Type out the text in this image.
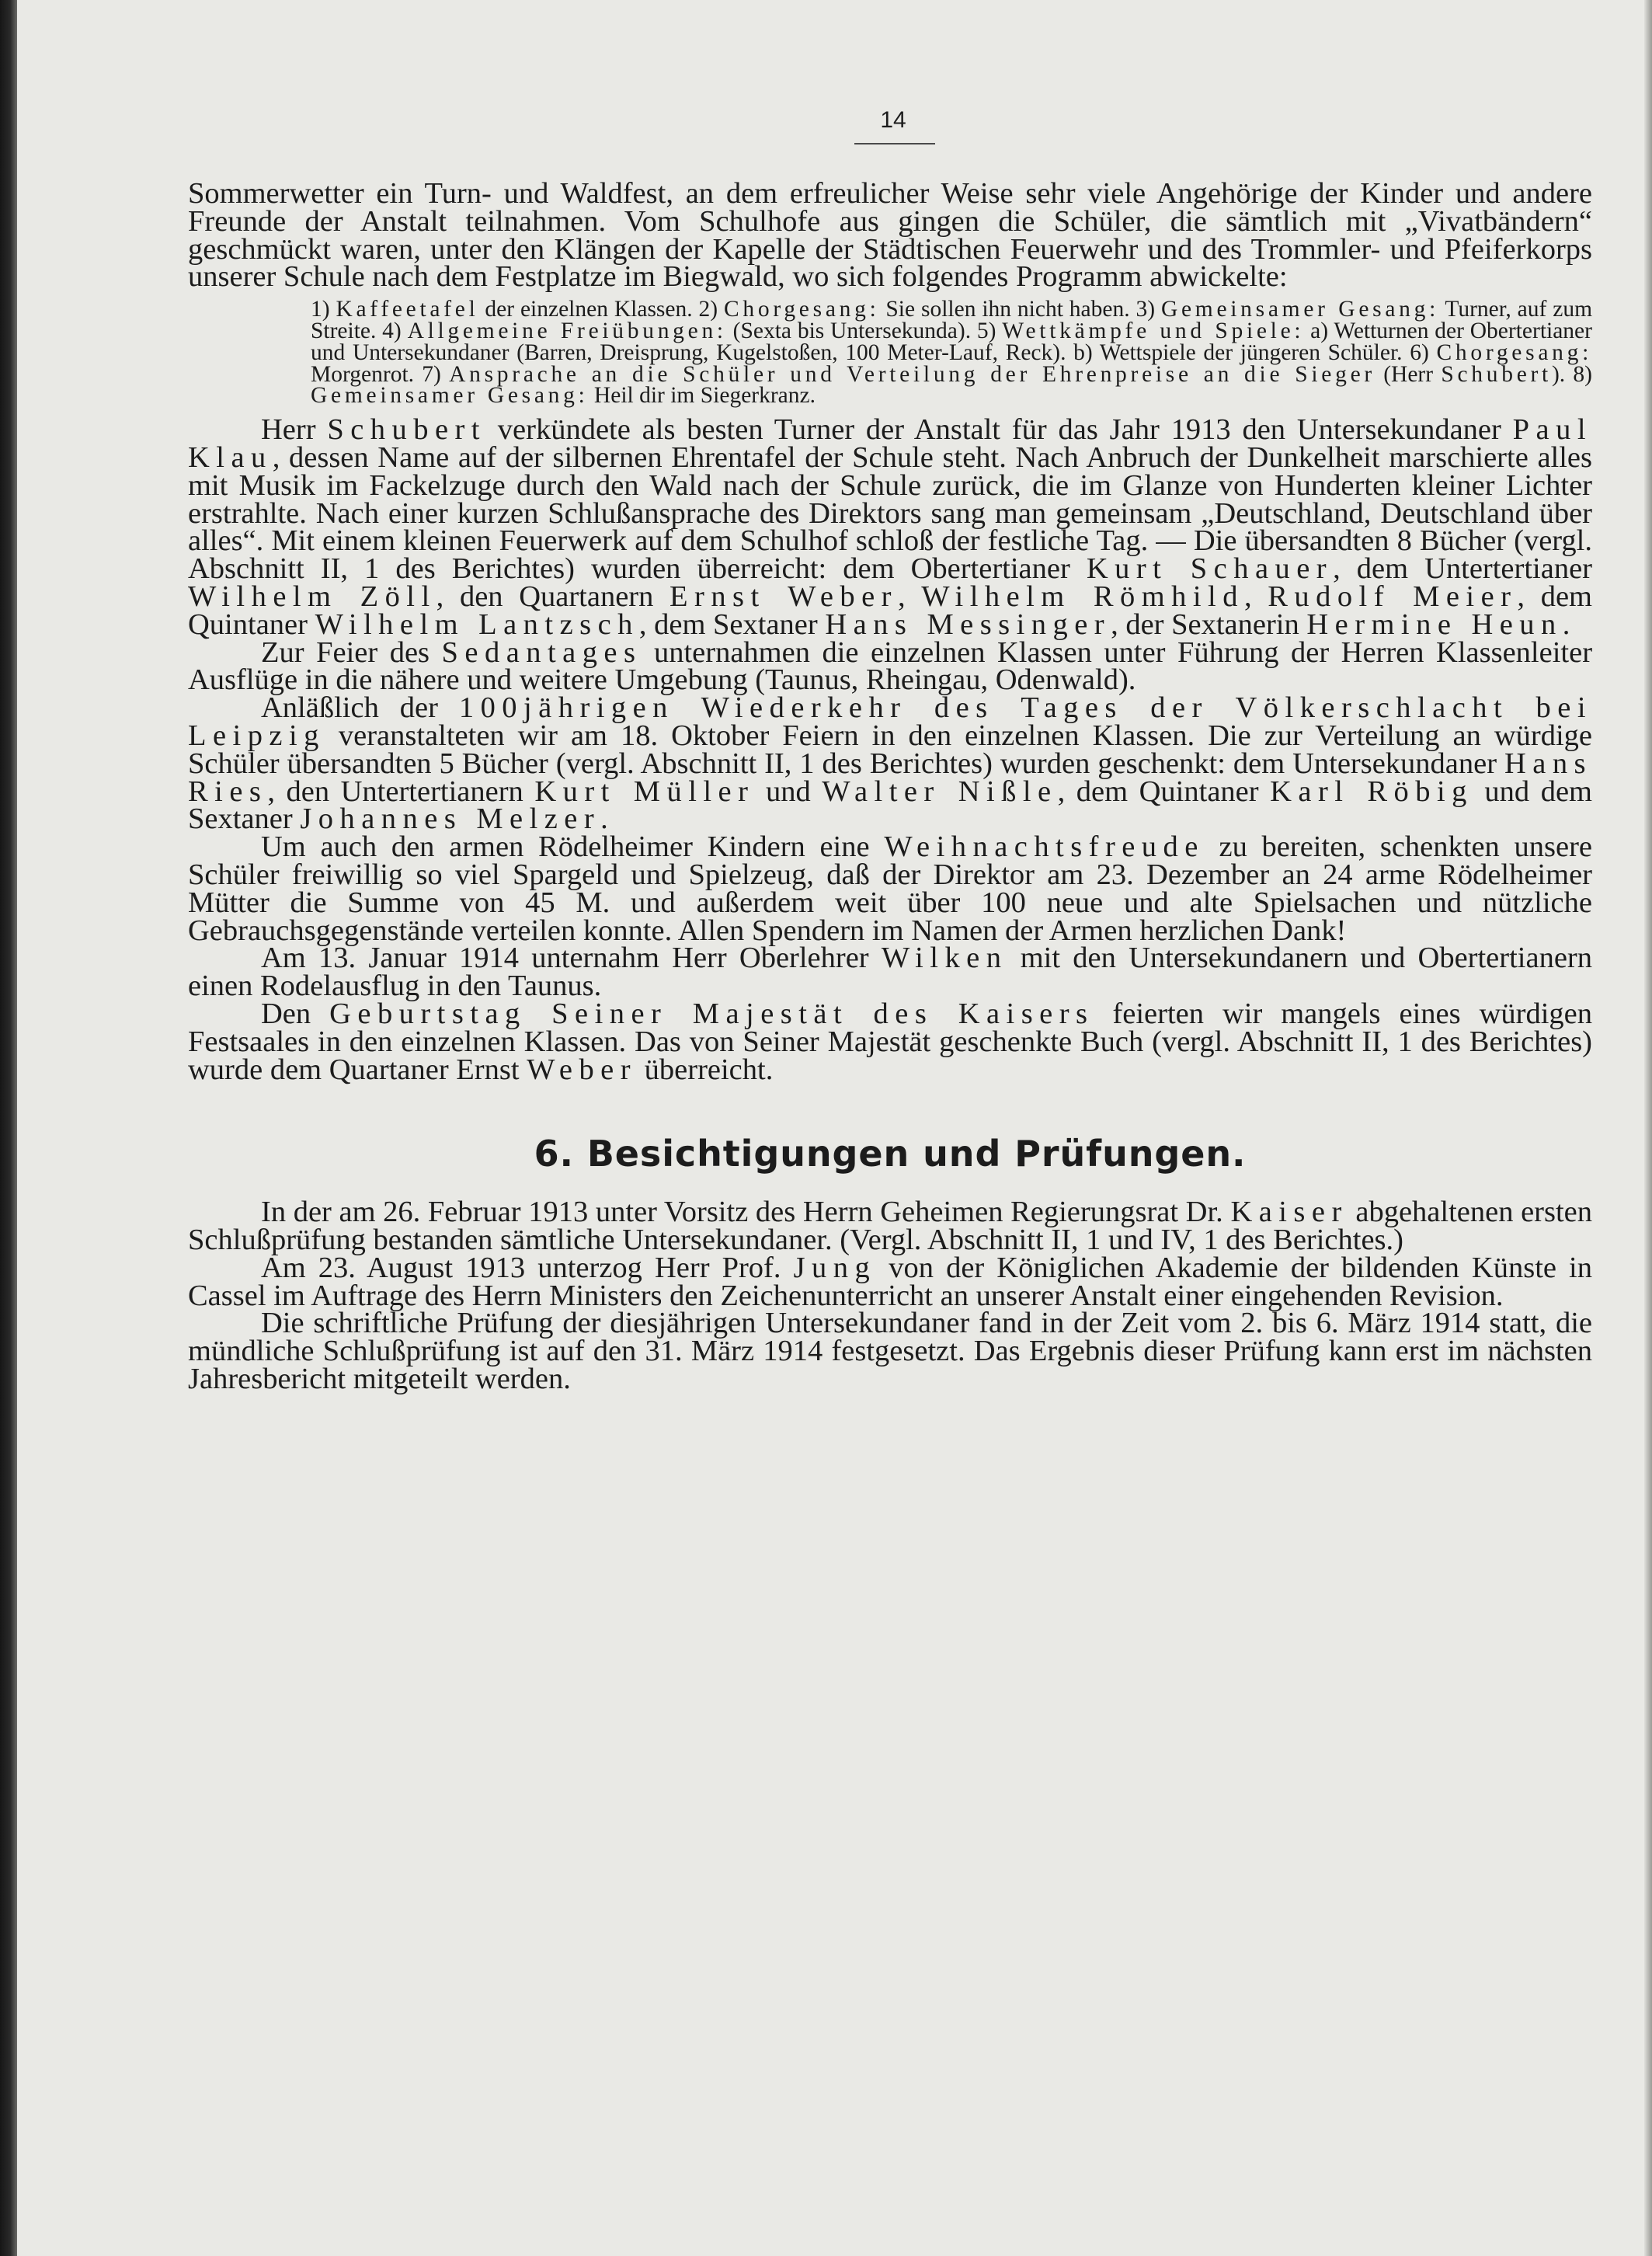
14

Sommerwetter ein Turn- und Waldfest, an dem erfreulicher Weise sehr viele Angehörige der Kinder und andere Freunde der Anstalt teilnahmen. Vom Schulhofe aus gingen die Schüler, die sämtlich mit „Vivatbändern“ geschmückt waren, unter den Klängen der Kapelle der Städtischen Feuerwehr und des Trommler- und Pfeiferkorps unserer Schule nach dem Festplatze im Biegwald, wo sich folgendes Programm abwickelte:

1) Kaffeetafel der einzelnen Klassen. 2) Chorgesang: Sie sollen ihn nicht haben. 3) Gemeinsamer Gesang: Turner, auf zum Streite. 4) Allgemeine Freiübungen: (Sexta bis Untersekunda). 5) Wettkämpfe und Spiele: a) Wetturnen der Obertertianer und Untersekundaner (Barren, Dreisprung, Kugelstoßen, 100 Meter-Lauf, Reck). b) Wettspiele der jüngeren Schüler. 6) Chorgesang: Morgenrot. 7) Ansprache an die Schüler und Verteilung der Ehrenpreise an die Sieger (Herr Schubert). 8) Gemeinsamer Gesang: Heil dir im Siegerkranz.

Herr Schubert verkündete als besten Turner der Anstalt für das Jahr 1913 den Untersekundaner Paul Klau, dessen Name auf der silbernen Ehrentafel der Schule steht. Nach Anbruch der Dunkelheit marschierte alles mit Musik im Fackelzuge durch den Wald nach der Schule zurück, die im Glanze von Hunderten kleiner Lichter erstrahlte. Nach einer kurzen Schlußansprache des Direktors sang man gemeinsam „Deutschland, Deutschland über alles“. Mit einem kleinen Feuerwerk auf dem Schulhof schloß der festliche Tag. — Die übersandten 8 Bücher (vergl. Abschnitt II, 1 des Berichtes) wurden überreicht: dem Obertertianer Kurt Schauer, dem Untertertianer Wilhelm Zöll, den Quartanern Ernst Weber, Wilhelm Römhild, Rudolf Meier, dem Quintaner Wilhelm Lantzsch, dem Sextaner Hans Messinger, der Sextanerin Hermine Heun.

Zur Feier des Sedantages unternahmen die einzelnen Klassen unter Führung der Herren Klassenleiter Ausflüge in die nähere und weitere Umgebung (Taunus, Rheingau, Odenwald).

Anläßlich der 100jährigen Wiederkehr des Tages der Völkerschlacht bei Leipzig veranstalteten wir am 18. Oktober Feiern in den einzelnen Klassen. Die zur Verteilung an würdige Schüler übersandten 5 Bücher (vergl. Abschnitt II, 1 des Berichtes) wurden geschenkt: dem Untersekundaner Hans Ries, den Untertertianern Kurt Müller und Walter Nißle, dem Quintaner Karl Röbig und dem Sextaner Johannes Melzer.

Um auch den armen Rödelheimer Kindern eine Weihnachtsfreude zu bereiten, schenkten unsere Schüler freiwillig so viel Spargeld und Spielzeug, daß der Direktor am 23. Dezember an 24 arme Rödelheimer Mütter die Summe von 45 M. und außerdem weit über 100 neue und alte Spielsachen und nützliche Gebrauchsgegenstände verteilen konnte. Allen Spendern im Namen der Armen herzlichen Dank!

Am 13. Januar 1914 unternahm Herr Oberlehrer Wilken mit den Untersekundanern und Obertertianern einen Rodelausflug in den Taunus.

Den Geburtstag Seiner Majestät des Kaisers feierten wir mangels eines würdigen Festsaales in den einzelnen Klassen. Das von Seiner Majestät geschenkte Buch (vergl. Abschnitt II, 1 des Berichtes) wurde dem Quartaner Ernst Weber überreicht.

6. Besichtigungen und Prüfungen.

In der am 26. Februar 1913 unter Vorsitz des Herrn Geheimen Regierungsrat Dr. Kaiser abgehaltenen ersten Schlußprüfung bestanden sämtliche Untersekundaner. (Vergl. Abschnitt II, 1 und IV, 1 des Berichtes.)

Am 23. August 1913 unterzog Herr Prof. Jung von der Königlichen Akademie der bildenden Künste in Cassel im Auftrage des Herrn Ministers den Zeichenunterricht an unserer Anstalt einer eingehenden Revision.

Die schriftliche Prüfung der diesjährigen Untersekundaner fand in der Zeit vom 2. bis 6. März 1914 statt, die mündliche Schlußprüfung ist auf den 31. März 1914 festgesetzt. Das Ergebnis dieser Prüfung kann erst im nächsten Jahresbericht mitgeteilt werden.
